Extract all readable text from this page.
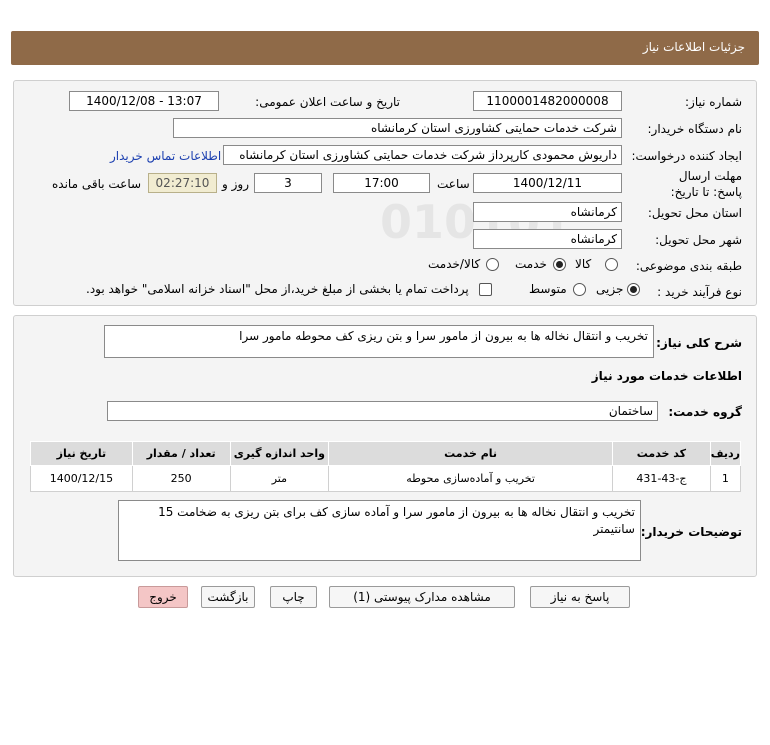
جزئیات اطلاعات نیاز
شماره نیاز:
1100001482000008
تاریخ و ساعت اعلان عمومی:
1400/12/08 - 13:07
نام دستگاه خریدار:
شرکت خدمات حمایتی کشاورزی استان کرمانشاه
ایجاد کننده درخواست:
داریوش محمودی کارپرداز شرکت خدمات حمایتی کشاورزی استان کرمانشاه
اطلاعات تماس خریدار
مهلت ارسال پاسخ: تا تاریخ:
1400/12/11
ساعت
17:00
3
روز و
02:27:10
ساعت باقی مانده
استان محل تحویل:
کرمانشاه
شهر محل تحویل:
کرمانشاه
طبقه بندی موضوعی:
کالا
خدمت
کالا/خدمت
نوع فرآیند خرید :
جزیی
متوسط
پرداخت تمام یا بخشی از مبلغ خرید،از محل "اسناد خزانه اسلامی" خواهد بود.
شرح کلی نیاز:
تخریب و انتقال نخاله ها به بیرون از مامور سرا و بتن ریزی کف محوطه مامور سرا
اطلاعات خدمات مورد نیاز
گروه خدمت:
ساختمان
ردیف	کد خدمت	نام خدمت	واحد اندازه گیری	تعداد / مقدار	تاریخ نیاز
1	ج-43-431	تخریب و آماده‌سازی محوطه	متر	250	1400/12/15
توضیحات خریدار:
تخریب و انتقال نخاله ها به بیرون از مامور سرا و آماده سازی کف برای بتن ریزی به ضخامت 15 سانتیمتر
پاسخ به نیاز
مشاهده مدارک پیوستی (1)
چاپ
بازگشت
خروج
